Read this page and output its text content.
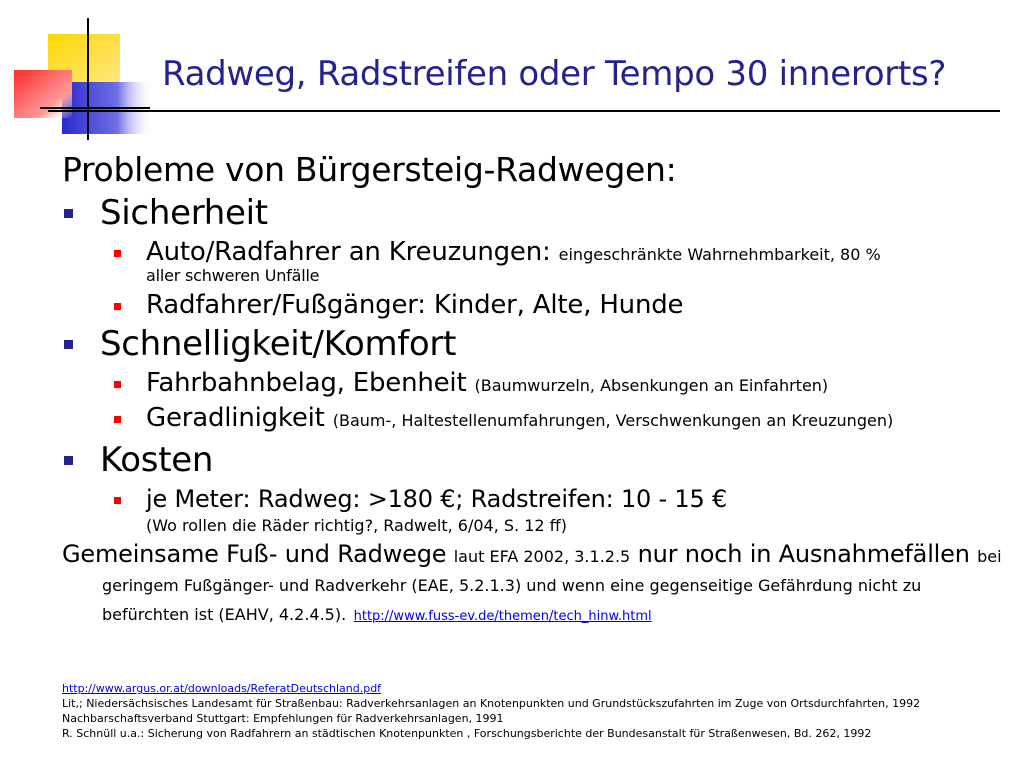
Radweg, Radstreifen oder Tempo 30 innerorts?
Probleme von Bürgersteig-Radwegen:
Sicherheit
Auto/Radfahrer an Kreuzungen: eingeschränkte Wahrnehmbarkeit, 80 %
aller schweren Unfälle
Radfahrer/Fußgänger: Kinder, Alte, Hunde
Schnelligkeit/Komfort
Fahrbahnbelag, Ebenheit (Baumwurzeln, Absenkungen an Einfahrten)
Geradlinigkeit (Baum-, Haltestellenumfahrungen, Verschwenkungen an Kreuzungen)
Kosten
je Meter: Radweg: >180 €; Radstreifen: 10 - 15 €
(Wo rollen die Räder richtig?, Radwelt, 6/04, S. 12 ff)
Gemeinsame Fuß- und Radwege laut EFA 2002, 3.1.2.5 nur noch in Ausnahmefällen bei geringem Fußgänger- und Radverkehr (EAE, 5.2.1.3) und wenn eine gegenseitige Gefährdung nicht zu befürchten ist (EAHV, 4.2.4.5). http://www.fuss-ev.de/themen/tech_hinw.html
http://www.argus.or.at/downloads/ReferatDeutschland.pdf
Lit,; Niedersächsisches Landesamt für Straßenbau: Radverkehrsanlagen an Knotenpunkten und Grundstückszufahrten im Zuge von Ortsdurchfahrten, 1992
Nachbarschaftsverband Stuttgart: Empfehlungen für Radverkehrsanlagen, 1991
R. Schnüll u.a.: Sicherung von Radfahrern an städtischen Knotenpunkten , Forschungsberichte der Bundesanstalt für Straßenwesen, Bd. 262, 1992
